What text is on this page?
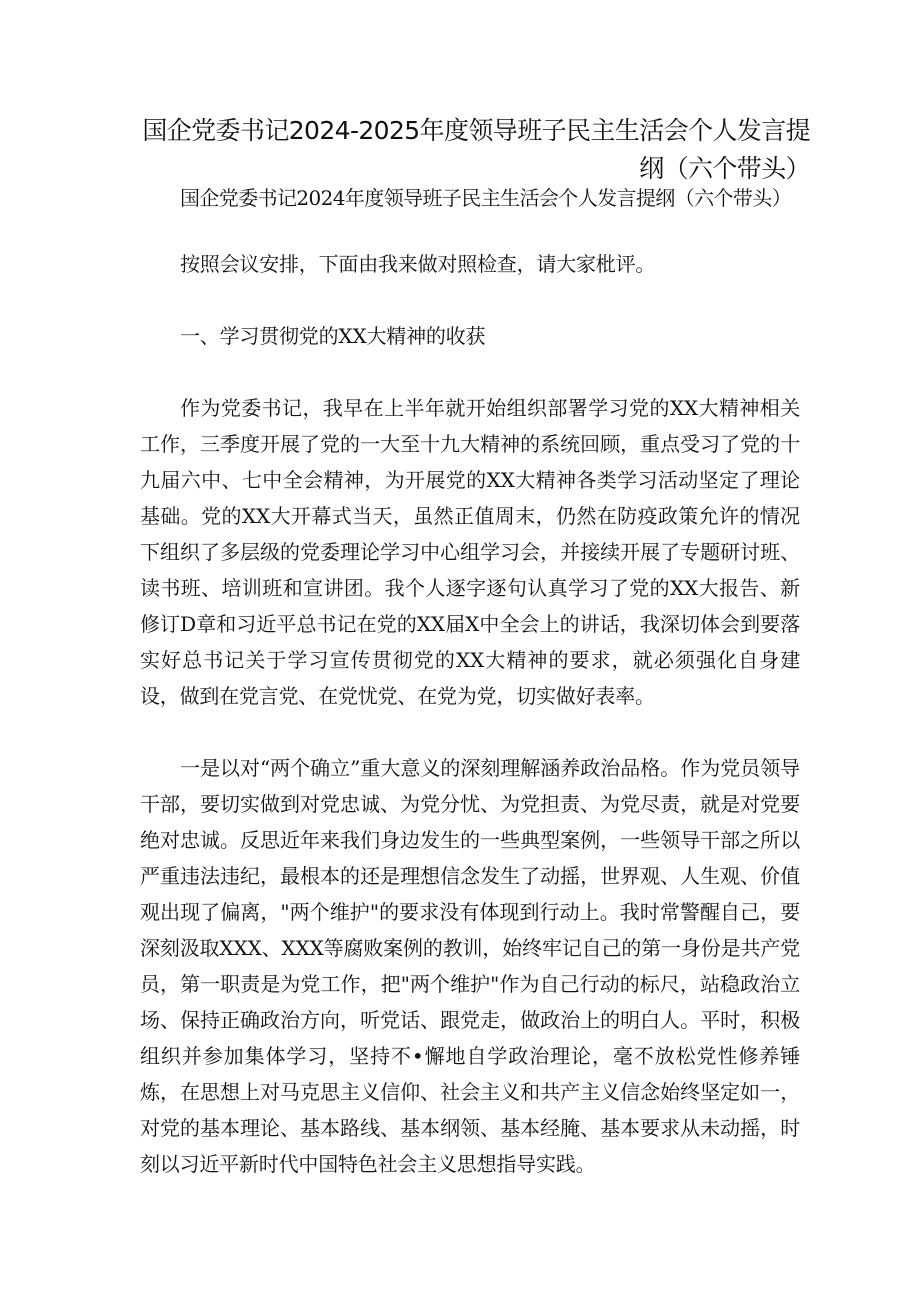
国企党委书记2024-2025年度领导班子民主生活会个人发言提纲（六个带头）

国企党委书记2024年度领导班子民主生活会个人发言提纲（六个带头）

按照会议安排，下面由我来做对照检查，请大家枇评。

一、学习贯彻党的XX大精神的收获

作为党委书记，我早在上半年就开始组织部署学习党的XX大精神相关工作，三季度开展了党的一大至十九大精神的系统回顾，重点受习了党的十九届六中、七中全会精神，为开展党的XX大精神各类学习活动坚定了理论基础。党的XX大开幕式当天，虽然正值周末，仍然在防疫政策允许的情况下组织了多层级的党委理论学习中心组学习会，并接续开展了专题研讨班、读书班、培训班和宣讲团。我个人逐字逐句认真学习了党的XX大报告、新修订D章和习近平总书记在党的XX届X中全会上的讲话，我深切体会到要落实好总书记关于学习宣传贯彻党的XX大精神的要求，就必须强化自身建设，做到在党言党、在党忧党、在党为党，切实做好表率。

一是以对“两个确立”重大意义的深刻理解涵养政治品格。作为党员领导干部，要切实做到对党忠诚、为党分忧、为党担责、为党尽责，就是对党要绝对忠诚。反思近年来我们身边发生的一些典型案例，一些领导干部之所以严重违法违纪，最根本的还是理想信念发生了动摇，世界观、人生观、价值观出现了偏离，"两个维护"的要求没有体现到行动上。我时常警醒自己，要深刻汲取XXX、XXX等腐败案例的教训，始终牢记自己的第一身份是共产党员，第一职责是为党工作，把"两个维护"作为自己行动的标尺，站稳政治立场、保持正确政治方向，听党话、跟党走，做政治上的明白人。平时，积极组织并参加集体学习，坚持不•懈地自学政治理论，毫不放松党性修养锤炼，在思想上对马克思主义信仰、社会主义和共产主义信念始终坚定如一，对党的基本理论、基本路线、基本纲领、基本经腌、基本要求从未动摇，时刻以习近平新时代中国特色社会主义思想指导实践。
